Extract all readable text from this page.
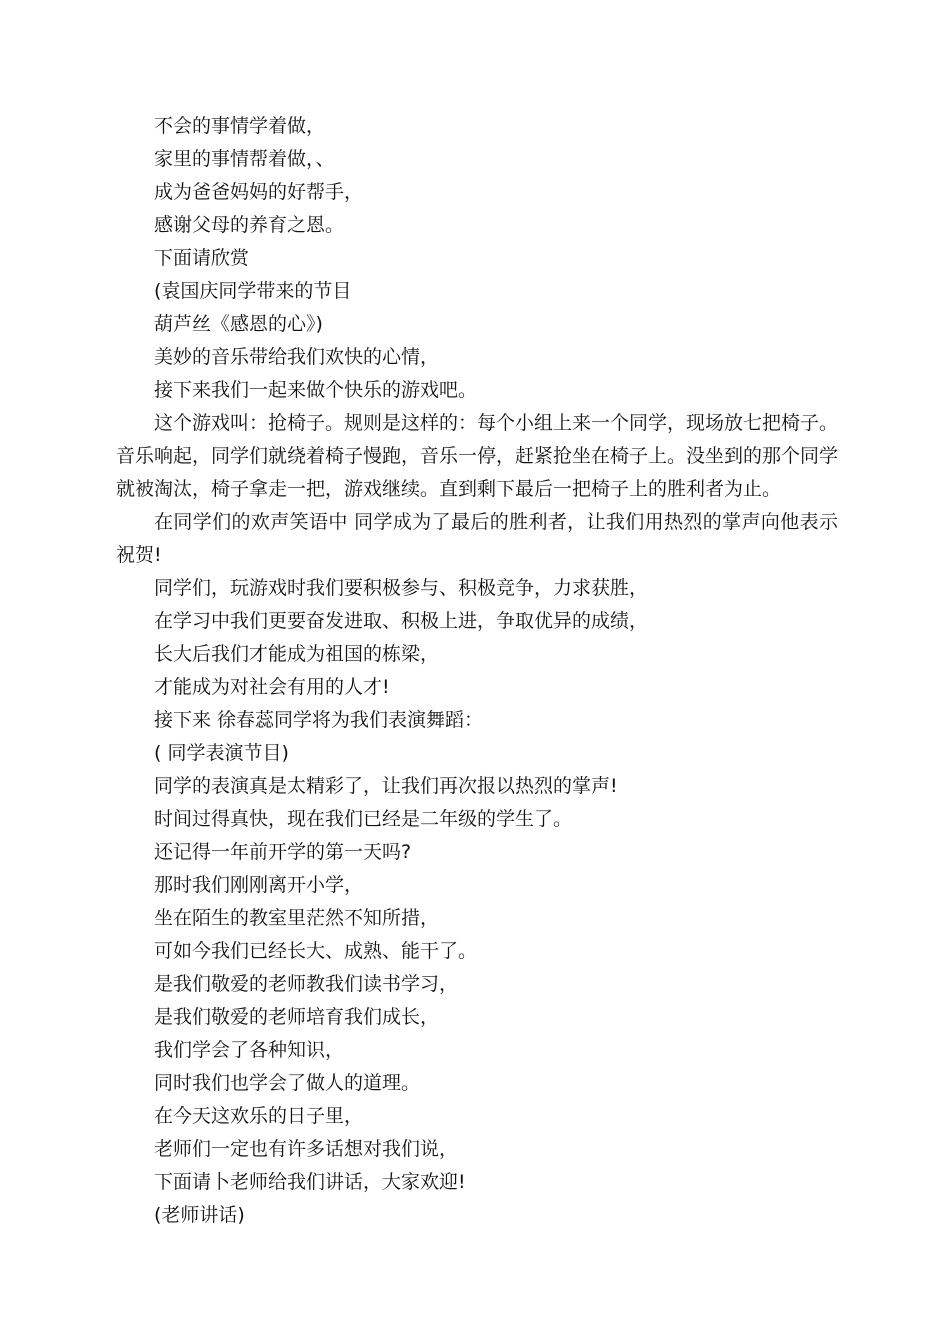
不会的事情学着做，

家里的事情帮着做，、

成为爸爸妈妈的好帮手，

感谢父母的养育之恩。

下面请欣赏

(袁国庆同学带来的节目

葫芦丝《感恩的心》)

美妙的音乐带给我们欢快的心情，

接下来我们一起来做个快乐的游戏吧。

这个游戏叫：抢椅子。规则是这样的：每个小组上来一个同学，现场放七把椅子。音乐响起，同学们就绕着椅子慢跑，音乐一停，赶紧抢坐在椅子上。没坐到的那个同学就被淘汰，椅子拿走一把，游戏继续。直到剩下最后一把椅子上的胜利者为止。

在同学们的欢声笑语中 同学成为了最后的胜利者，让我们用热烈的掌声向他表示祝贺!

同学们，玩游戏时我们要积极参与、积极竞争，力求获胜，

在学习中我们更要奋发进取、积极上进，争取优异的成绩，

长大后我们才能成为祖国的栋梁，

才能成为对社会有用的人才!

接下来 徐春蕊同学将为我们表演舞蹈：

( 同学表演节目)

同学的表演真是太精彩了，让我们再次报以热烈的掌声!

时间过得真快，现在我们已经是二年级的学生了。

还记得一年前开学的第一天吗?

那时我们刚刚离开小学，

坐在陌生的教室里茫然不知所措，

可如今我们已经长大、成熟、能干了。

是我们敬爱的老师教我们读书学习，

是我们敬爱的老师培育我们成长，

我们学会了各种知识，

同时我们也学会了做人的道理。

在今天这欢乐的日子里，

老师们一定也有许多话想对我们说，

下面请卜老师给我们讲话，大家欢迎!

(老师讲话)
